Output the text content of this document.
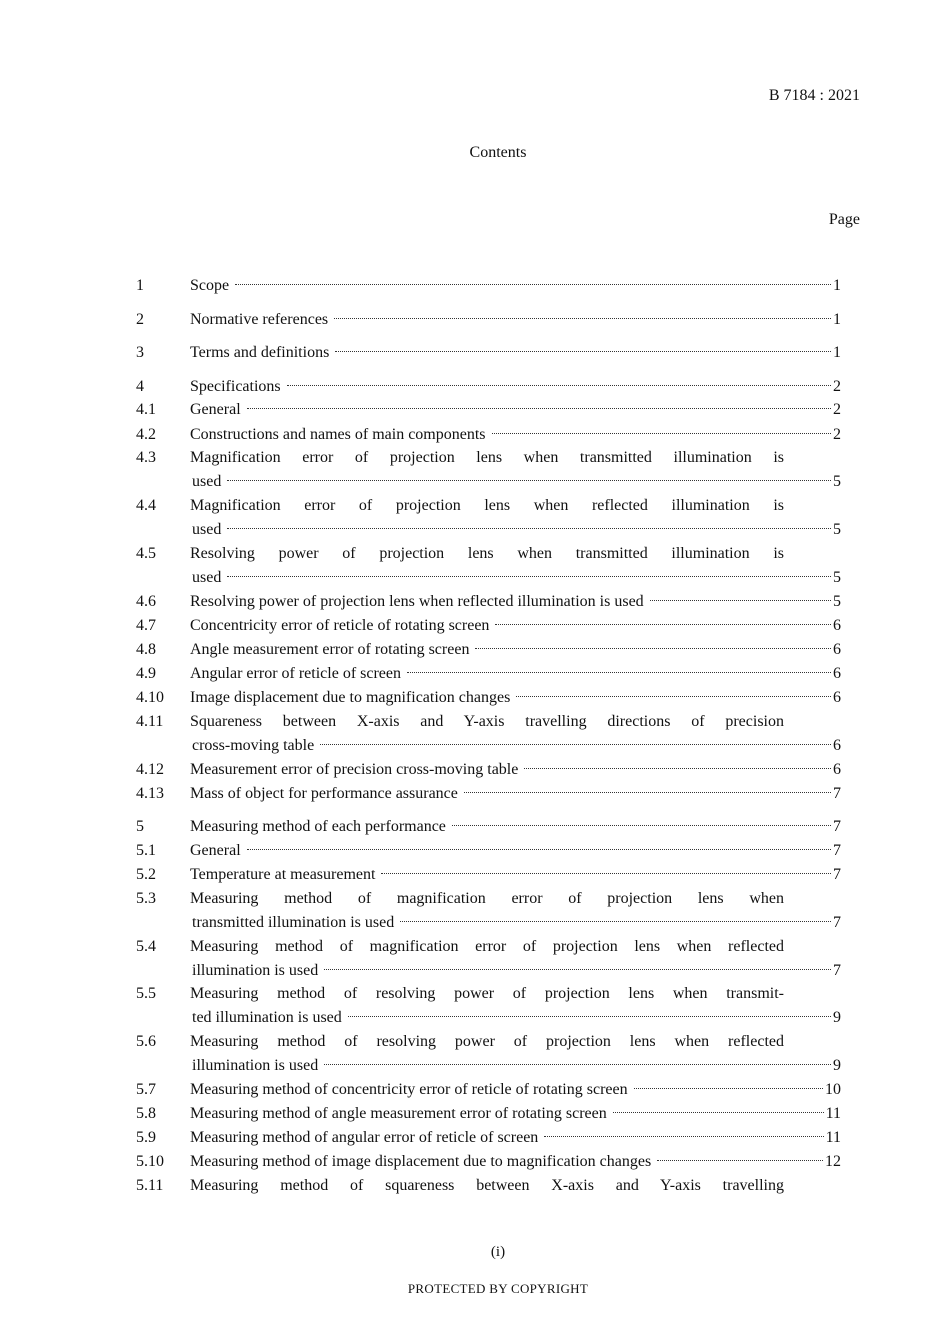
B 7184 : 2021
Contents
Page
1	Scope	1
2	Normative references	1
3	Terms and definitions	1
4	Specifications	2
4.1 General	2
4.2 Constructions and names of main components	2
4.3 Magnification error of projection lens when transmitted illumination is
used	5
4.4 Magnification error of projection lens when reflected illumination is
used	5
4.5 Resolving power of projection lens when transmitted illumination is
used	5
4.6 Resolving power of projection lens when reflected illumination is used	5
4.7 Concentricity error of reticle of rotating screen	6
4.8 Angle measurement error of rotating screen	6
4.9 Angular error of reticle of screen	6
4.10 Image displacement due to magnification changes	6
4.11 Squareness between X-axis and Y-axis travelling directions of precision
cross-moving table	6
4.12 Measurement error of precision cross-moving table	6
4.13 Mass of object for performance assurance	7
5	Measuring method of each performance	7
5.1 General	7
5.2 Temperature at measurement	7
5.3 Measuring method of magnification error of projection lens when
transmitted illumination is used	7
5.4 Measuring method of magnification error of projection lens when reflected
illumination is used	7
5.5 Measuring method of resolving power of projection lens when transmit-
ted illumination is used	9
5.6 Measuring method of resolving power of projection lens when reflected
illumination is used	9
5.7 Measuring method of concentricity error of reticle of rotating screen	10
5.8 Measuring method of angle measurement error of rotating screen	11
5.9 Measuring method of angular error of reticle of screen	11
5.10 Measuring method of image displacement due to magnification changes	12
5.11 Measuring method of squareness between X-axis and Y-axis travelling
(i)
PROTECTED BY COPYRIGHT
